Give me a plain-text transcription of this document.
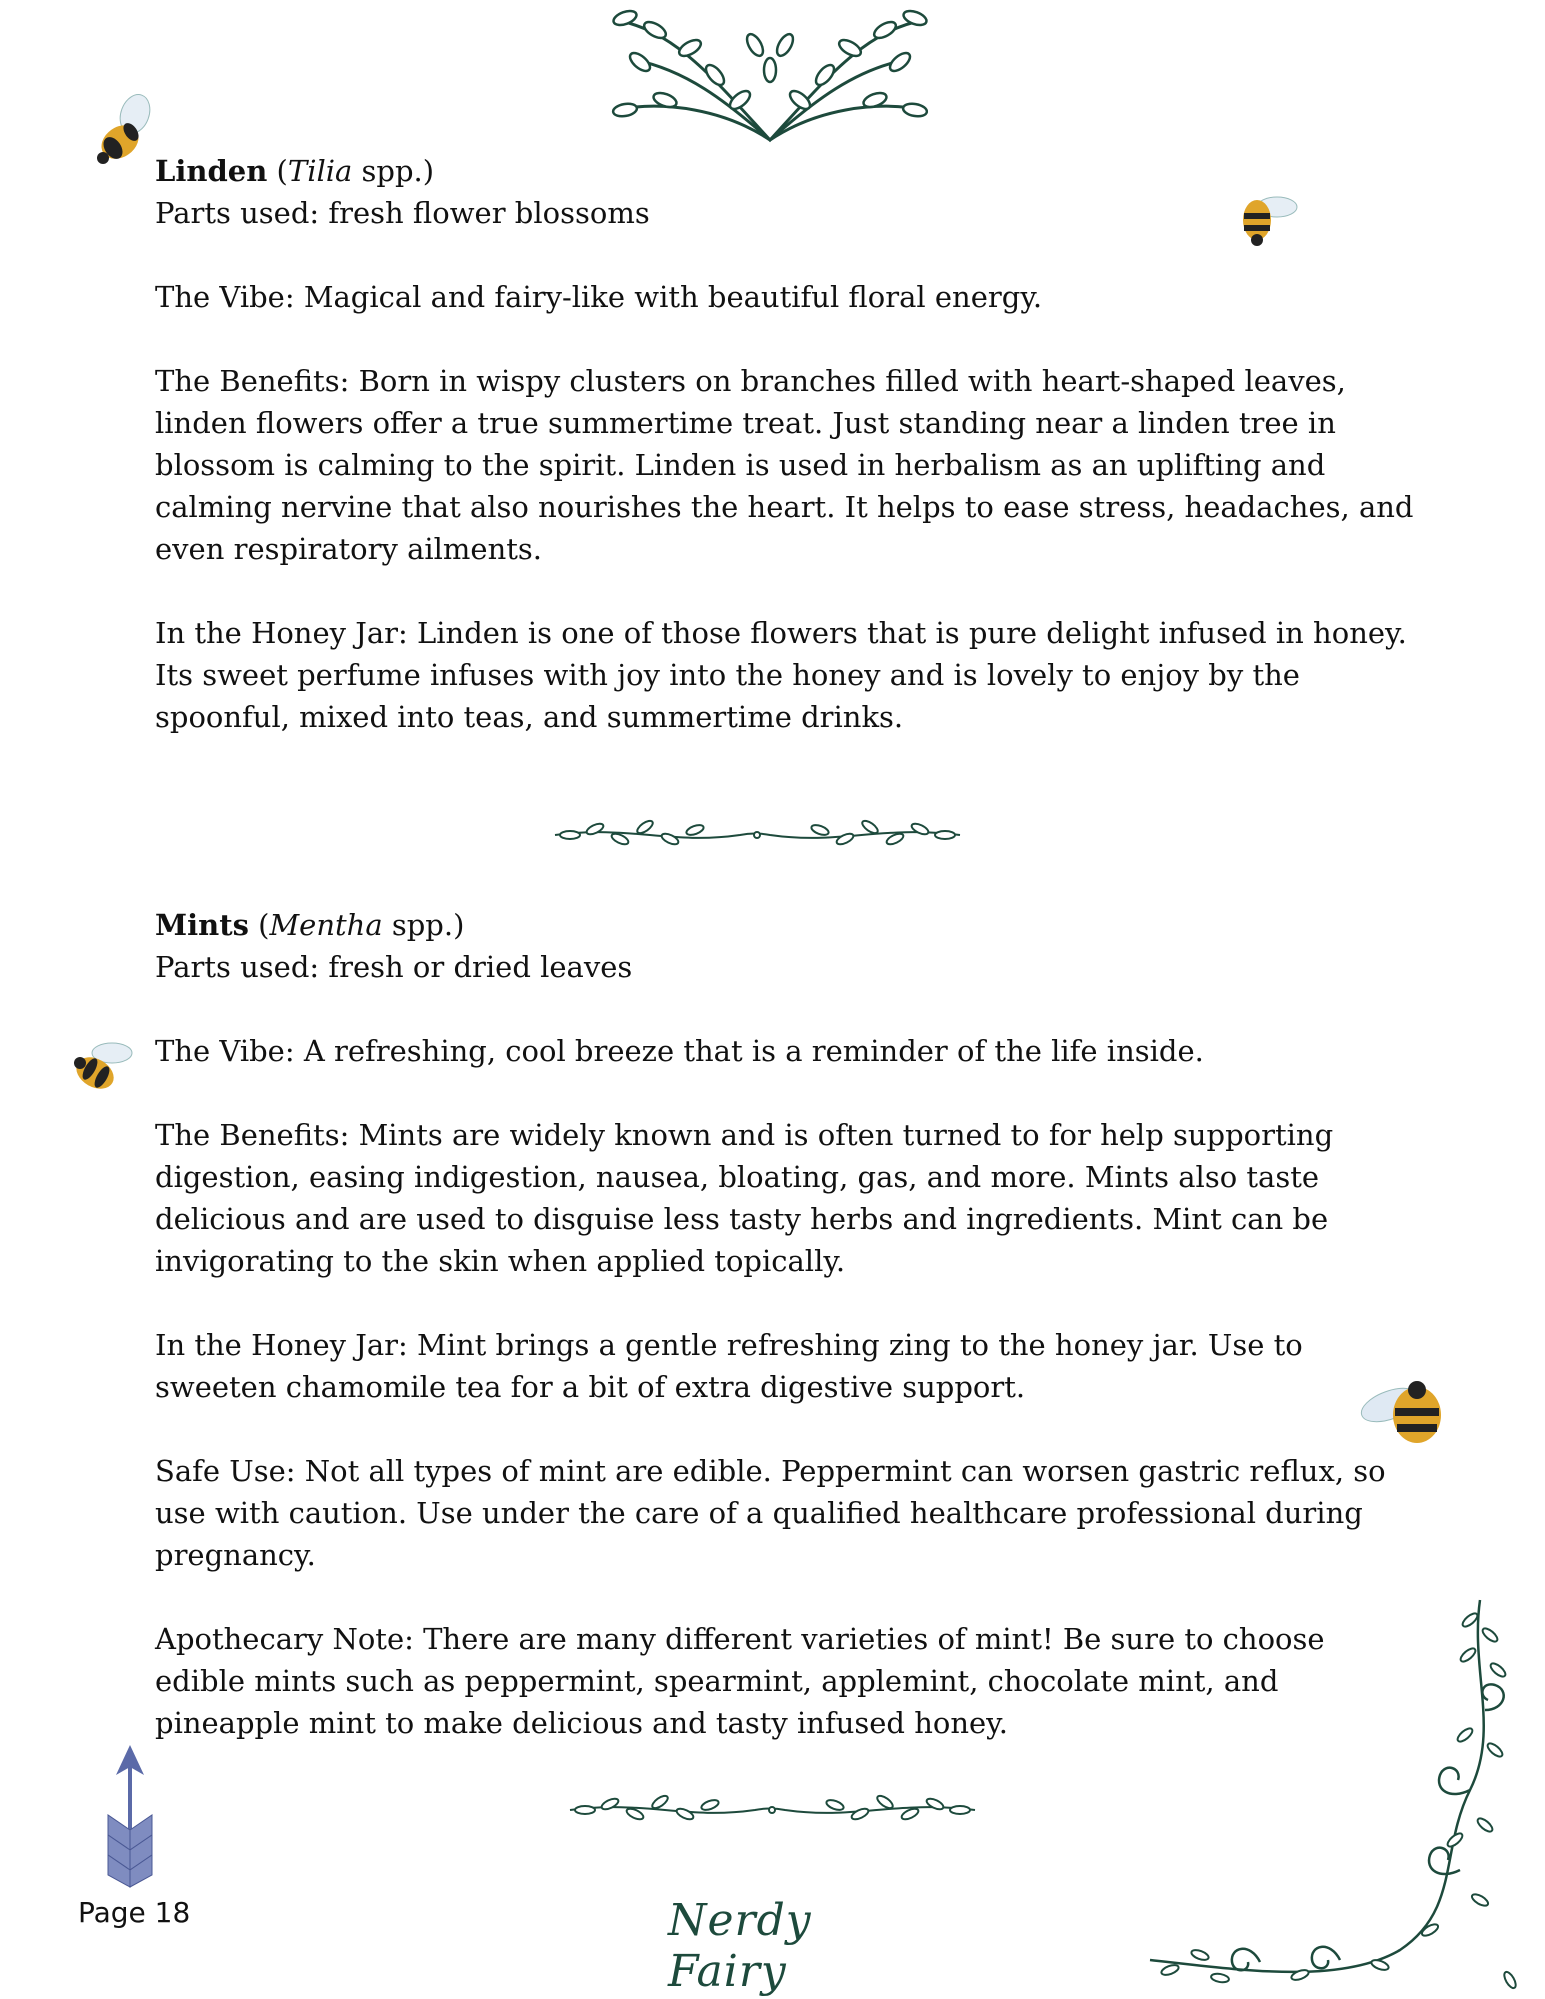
Linden (Tilia spp.)

Parts used: fresh flower blossoms

The Vibe: Magical and fairy-like with beautiful floral energy.

The Benefits: Born in wispy clusters on branches filled with heart-shaped leaves, linden flowers offer a true summertime treat. Just standing near a linden tree in blossom is calming to the spirit. Linden is used in herbalism as an uplifting and calming nervine that also nourishes the heart. It helps to ease stress, headaches, and even respiratory ailments.

In the Honey Jar: Linden is one of those flowers that is pure delight infused in honey. Its sweet perfume infuses with joy into the honey and is lovely to enjoy by the spoonful, mixed into teas, and summertime drinks.

Mints (Mentha spp.)

Parts used: fresh or dried leaves

The Vibe: A refreshing, cool breeze that is a reminder of the life inside.

The Benefits: Mints are widely known and is often turned to for help supporting digestion, easing indigestion, nausea, bloating, gas, and more. Mints also taste delicious and are used to disguise less tasty herbs and ingredients. Mint can be invigorating to the skin when applied topically.

In the Honey Jar: Mint brings a gentle refreshing zing to the honey jar. Use to sweeten chamomile tea for a bit of extra digestive support.

Safe Use: Not all types of mint are edible. Peppermint can worsen gastric reflux, so use with caution. Use under the care of a qualified healthcare professional during pregnancy.

Apothecary Note: There are many different varieties of mint! Be sure to choose edible mints such as peppermint, spearmint, applemint, chocolate mint, and pineapple mint to make delicious and tasty infused honey.

Page 18	Nerdy Fairy
